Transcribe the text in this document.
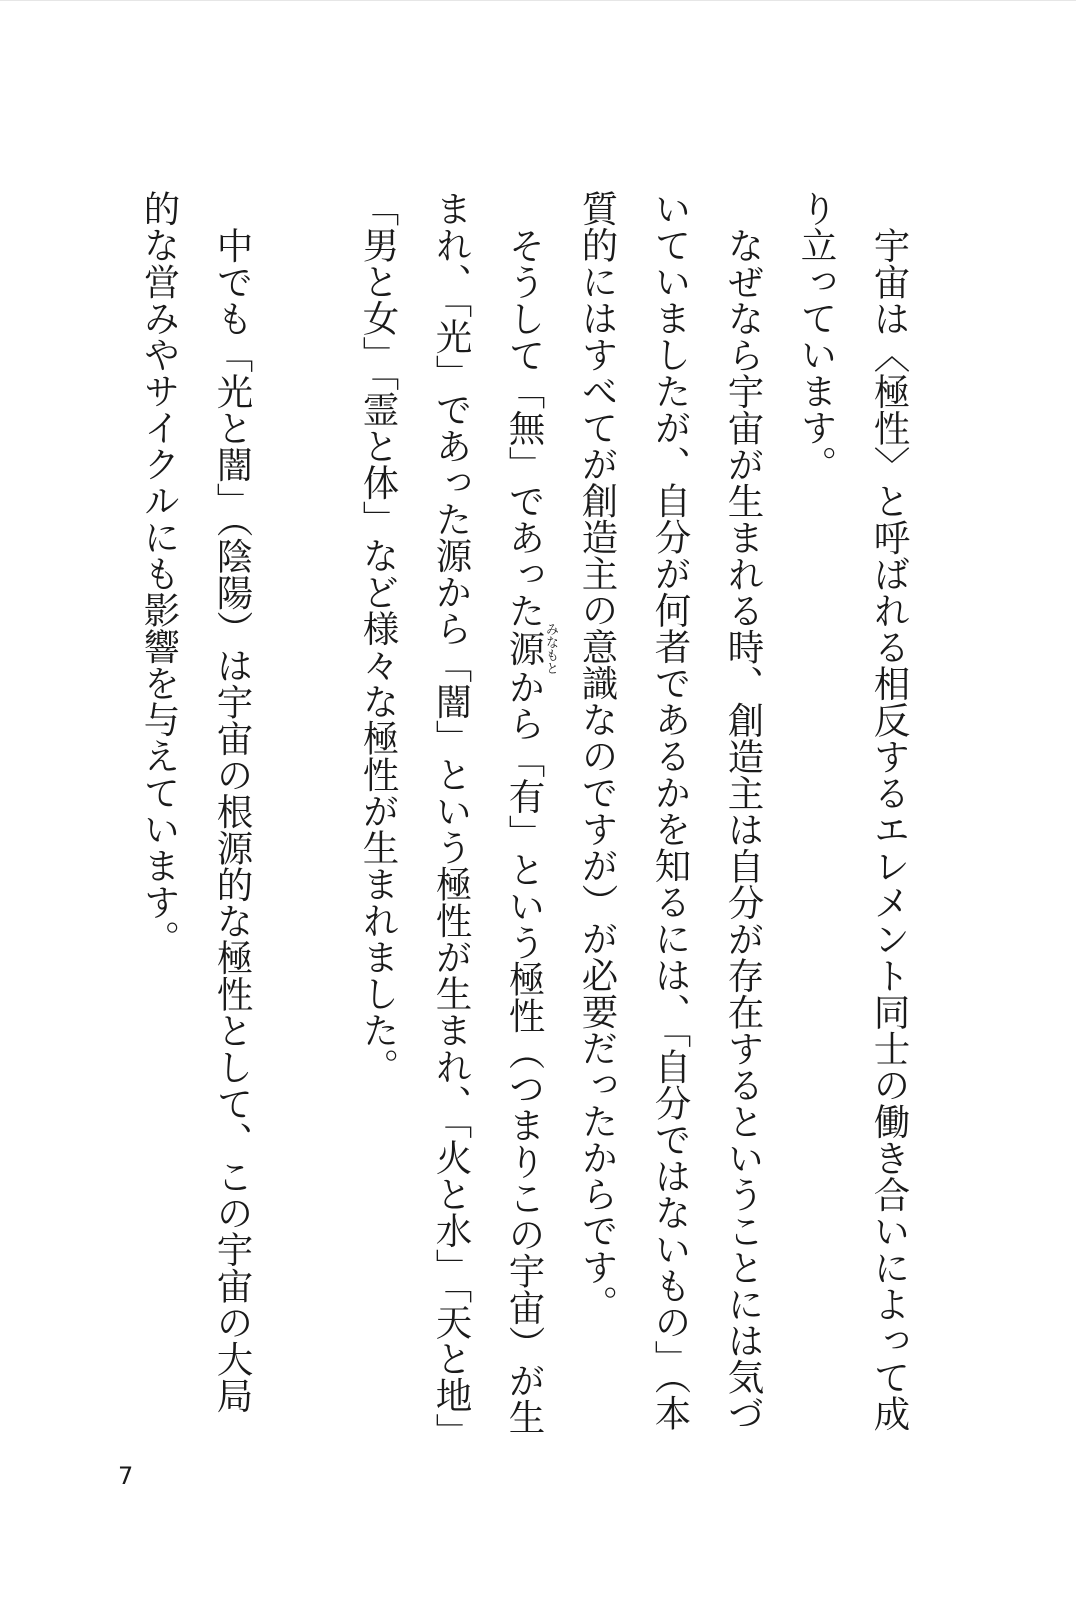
宇宙は〈極性〉と呼ばれる相反するエレメント同士の働き合いによって成り立っています。

なぜなら宇宙が生まれる時、創造主は自分が存在するということには気づいていましたが、自分が何者であるかを知るには、「自分ではないもの」（本質的にはすべてが創造主の意識なのですが）が必要だったからです。

そうして「無」であった源みなもとから「有」という極性（つまりこの宇宙）が生まれ、「光」であった源から「闇」という極性が生まれ、「火と水」「天と地」「男と女」「霊と体」など様々な極性が生まれました。

中でも「光と闇」（陰陽）は宇宙の根源的な極性として、この宇宙の大局的な営みやサイクルにも影響を与えています。

7
